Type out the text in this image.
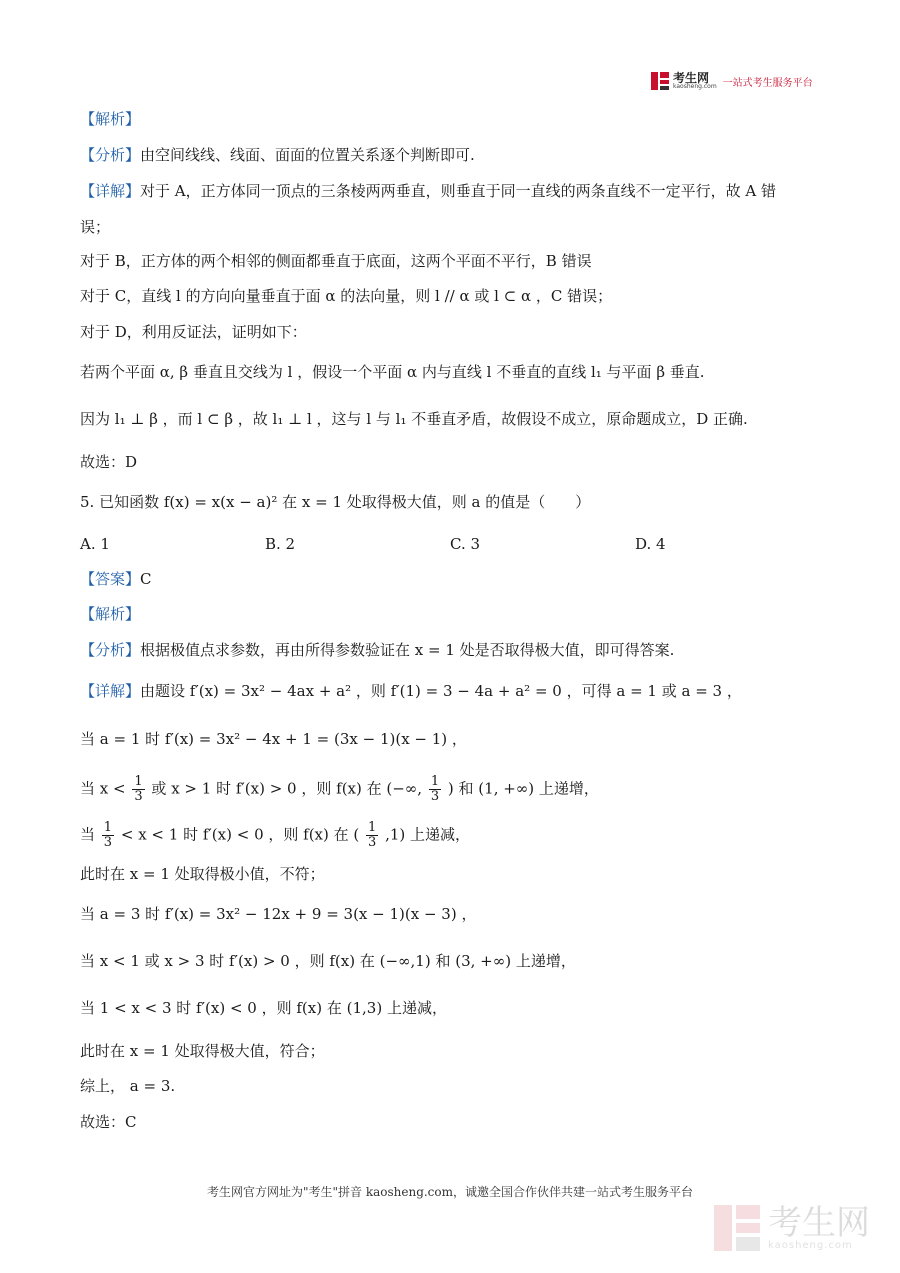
考生网
kaosheng.com 一站式考生服务平台
【解析】
【分析】由空间线线、线面、面面的位置关系逐个判断即可.
【详解】对于 A，正方体同一顶点的三条棱两两垂直，则垂直于同一直线的两条直线不一定平行，故 A 错
误；
对于 B，正方体的两个相邻的侧面都垂直于底面，这两个平面不平行，B 错误
对于 C，直线 l 的方向向量垂直于面 α 的法向量，则 l // α 或 l ⊂ α ，C 错误；
对于 D，利用反证法，证明如下：
若两个平面 α, β 垂直且交线为 l ，假设一个平面 α 内与直线 l 不垂直的直线 l₁ 与平面 β 垂直.
因为 l₁ ⊥ β ，而 l ⊂ β ，故 l₁ ⊥ l ，这与 l 与 l₁ 不垂直矛盾，故假设不成立，原命题成立，D 正确.
故选：D
5. 已知函数 f(x) = x(x − a)² 在 x = 1 处取得极大值，则 a 的值是（　　）
A. 1	B. 2	C. 3	D. 4
【答案】C
【解析】
【分析】根据极值点求参数，再由所得参数验证在 x = 1 处是否取得极大值，即可得答案.
【详解】由题设 f′(x) = 3x² − 4ax + a² ，则 f′(1) = 3 − 4a + a² = 0 ，可得 a = 1 或 a = 3 ，
当 a = 1 时 f′(x) = 3x² − 4x + 1 = (3x − 1)(x − 1) ，
当 $x < \frac{1}{3}$ 或 x > 1 时 f′(x) > 0 ，则 f(x) 在 (−∞, $\frac{1}{3}$ ) 和 (1, +∞) 上递增，
当 $\frac{1}{3} < x < 1$ 时 f′(x) < 0 ，则 f(x) 在 ( $\frac{1}{3} ,1$) 上递减，
此时在 x = 1 处取得极小值，不符；
当 a = 3 时 f′(x) = 3x² − 12x + 9 = 3(x − 1)(x − 3) ，
当 x < 1 或 x > 3 时 f′(x) > 0 ，则 f(x) 在 (−∞,1) 和 (3, +∞) 上递增，
当 1 < x < 3 时 f′(x) < 0 ，则 f(x) 在 (1,3) 上递减，
此时在 x = 1 处取得极大值，符合；
综上， a = 3.
故选：C
考生网官方网址为"考生"拼音 kaosheng.com，诚邀全国合作伙伴共建一站式考生服务平台
考生网
kaosheng.com
